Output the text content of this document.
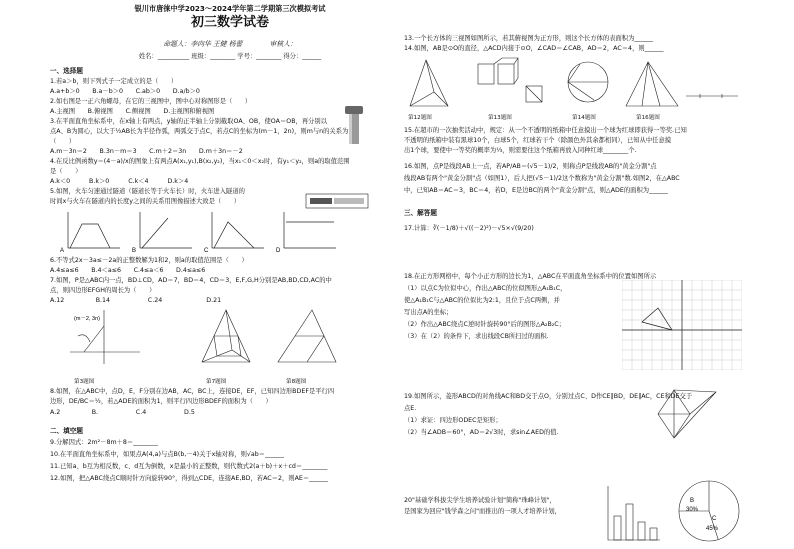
银川市唐徕中学2023～2024学年第二学期第三次模拟考试
初三数学试卷
命题人：李向华 王健 杨蕾　　　　审核人：
姓名：__________ 班级：________ 学号：________ 得分：______
一、选择题
1.若a＞b，则下列式子一定成立的是（　　）
A.a+b＞0　　B.a－b＞0　　C.ab＞0　　D.a/b＞0
2.如右图是一正六角螺母，在它的三视图中，图中心对称图形是（　　）
A.主视图　　B.俯视图　　C.侧视图　　D.主视图和俯视图
3.在平面直角坐标系中，在x轴上有两点，y轴的正半轴上分别截取OA、OB，使OA＝OB，再分别以
点A、B为圆心，以大于½AB长为半径作弧，两弧交于点C，若点C的坐标为(m－1，2n)，则m与n的关系为
（　　）
A.m－3n＝2　　B.3n－m＝3　　C.m＋2＝3n　　D.m＋3n＝－2
4.在反比例函数y＝(4－a)/x的图象上有两点A(x₁,y₁),B(x₂,y₂)，当x₁＜0＜x₂时，有y₁＜y₂，则a的取值范围
是（　　）
A.k＜0　　　B.k＞0　　　C.k＜4　　　D.k＞4
5.如图，火车匀速通过隧道（隧道长等于火车长）时，火车进入隧道的
时间x与火车在隧道内的长度y之间的关系用图像描述大致是（　　）
A	B	C	D
6.不等式2x－3a≤－2a的正整数解为1和2，则a的取值范围是（　　）
A.4≤a≤6　　B.4＜a≤6　　C.4≤a＜6　　D.4≤a≤6
7.如图，P是△ABC内一点，BD⊥CD，AD＝7，BD＝4，CD＝3，E,F,G,H分别是AB,BD,CD,AC的中
点，则四边形EFGH的周长为（　　）
A.12　　　　　B.14　　　　　　C.24　　　　　　　D.21
(m－2, 3n)
第3题图	第7题图	第8题图
8.如图，在△ABC中，点D，E，F分别在边AB，AC，BC上，连接DE，EF，已知四边形BDEF是平行四
边形，DE/BC＝½，若△ADE的面积为1，则平行四边形BDEF的面积为（　　）
A.2　　　　　B.　　　　　　C.4　　　　　　D.5
二、填空题
9.分解因式：2m²－8m＋8＝________
10.在平面直角坐标系中，如果点A(4,a)与点B(b,－4)关于x轴对称，则√ab＝______
11.已知a、b互为相反数，c、d互为倒数，x是最小的正整数，则代数式2(a＋b)＋x＋cd＝________
12.如图，把△ABC绕点C顺时针方向旋转90°，得到△CDE，连接AE,BD，若AC＝2，则AE＝______
13.一个长方体的三视图如图所示，若其俯视图为正方形，则这个长方体的表面积为______
14.如图，AB是⊙O的直径，△ACD内接于⊙O，∠CAD＝∠CAB，AD＝2，AC＝4，则______
第12题图	第13题图	第14题图	第16题图
15.在超市的一次抽奖活动中，规定：从一个不透明的纸箱中任意摸出一个球为红球即获得一等奖.已知
不透明的纸箱中装有黑球10个，白球5个，红球若干个（除颜色外其余都相同），已知从中任意摸
出1个球，要使中一等奖的概率为⅓，则需要往这个纸箱再放入同种红球________个.
16.如图，点P是线段AB上一点，若AP/AB＝(√5－1)/2，则称点P是线段AB的"黄金分割"点
线段AB有两个"黄金分割"点（如图1），后人把(√5－1)/2这个数称为"黄金分割"数.如图2，在△ABC
中，已知AB＝AC＝3，BC＝4，若D，E是边BC的两个"黄金分割"点，则△ADE的面积为______
三、解答题
17.计算：∛(－1/8)＋√((－2)²)－√5×√(9/20)
18.在正方形网格中，每个小正方形的边长为1，△ABC在平面直角坐标系中的位置如图所示
（1）以点C为位似中心，作出△ABC的位似图形△A₁B₁C，
使△A₁B₁C与△ABC的位似比为2:1，且位于点C两侧，并
写出点A的坐标；
（2）作出△ABC绕点C逆时针旋转90°后的图形△A₂B₂C；
（3）在（2）的条件下，求出线段CB所扫过的面积.
19.如图所示，菱形ABCD的对角线AC和BD交于点O，分别过点C、D作CE∥BD，DE∥AC，CE和DE交于
点E.
（1）求证：四边形ODEC是矩形；
（2）当∠ADB＝60°，AD＝2√3时，求sin∠AED的值.
20"基础学科拔尖学生培养试验计划"简称"珠峰计划"，
是国家为回应"钱学森之问"而推出的一项人才培养计划，
B
30%
C
45%
